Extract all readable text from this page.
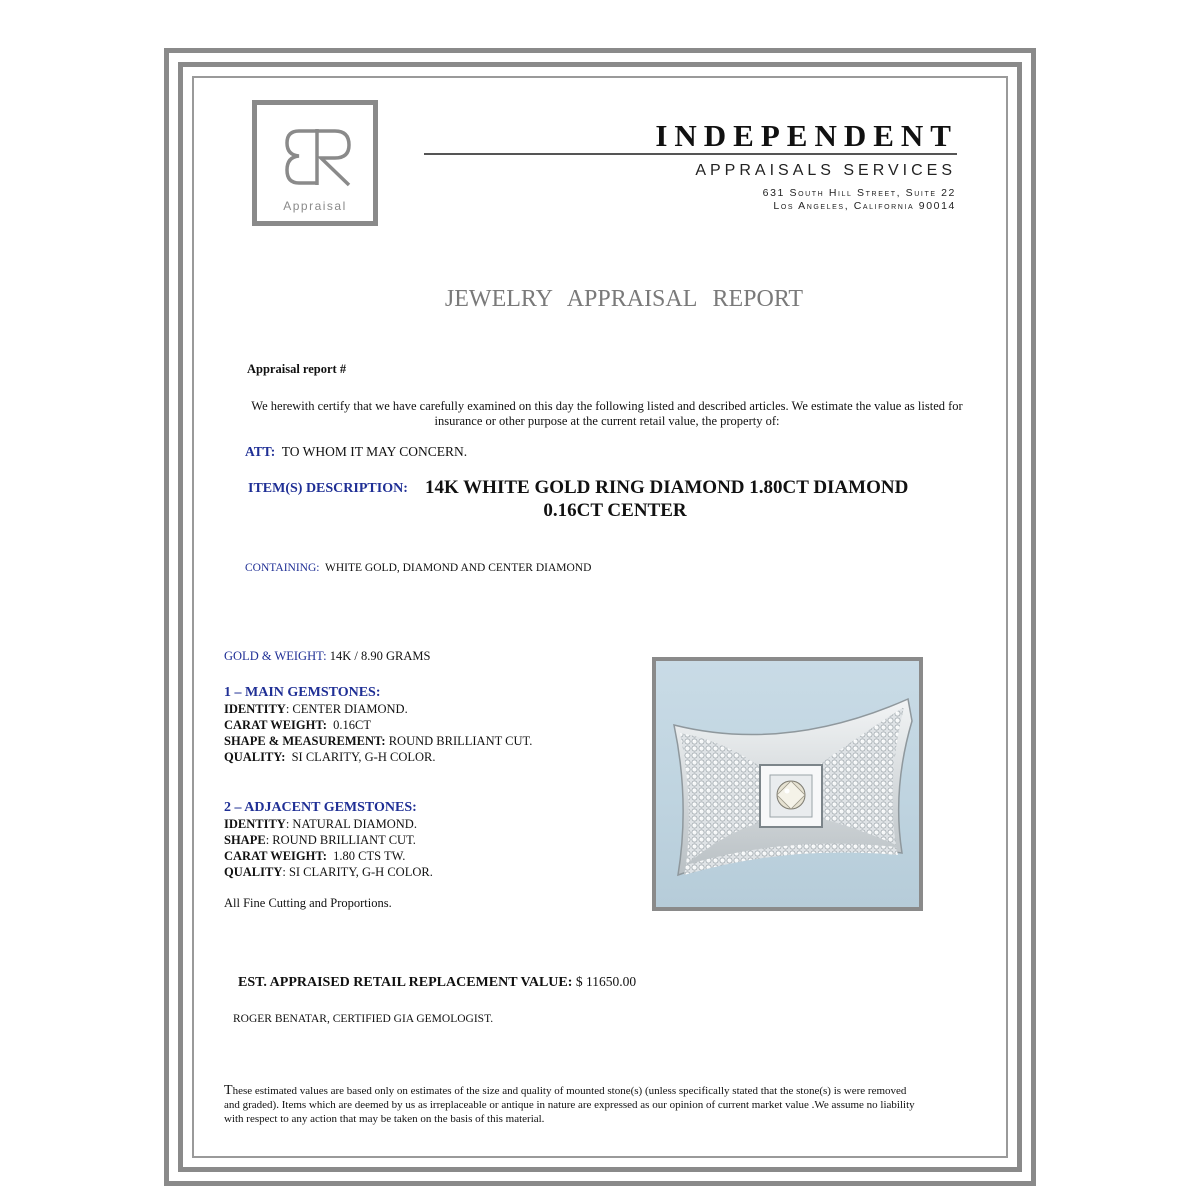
Appraisal
INDEPENDENT
APPRAISALS SERVICES
631 South Hill Street, Suite 22
Los Angeles, California 90014
JEWELRY APPRAISAL REPORT
Appraisal report #
We herewith certify that we have carefully examined on this day the following listed and described articles. We estimate the value as listed for insurance or other purpose at the current retail value, the property of:
ATT: TO WHOM IT MAY CONCERN.
ITEM(S) DESCRIPTION: 14K WHITE GOLD RING DIAMOND 1.80CT DIAMOND
0.16CT CENTER
CONTAINING: WHITE GOLD, DIAMOND AND CENTER DIAMOND
GOLD & WEIGHT: 14K / 8.90 GRAMS
1 – MAIN GEMSTONES:
IDENTITY: CENTER DIAMOND.
CARAT WEIGHT: 0.16CT
SHAPE & MEASUREMENT: ROUND BRILLIANT CUT.
QUALITY: SI CLARITY, G-H COLOR.
2 – ADJACENT GEMSTONES:
IDENTITY: NATURAL DIAMOND.
SHAPE: ROUND BRILLIANT CUT.
CARAT WEIGHT: 1.80 CTS TW.
QUALITY: SI CLARITY, G-H COLOR.
All Fine Cutting and Proportions.
EST. APPRAISED RETAIL REPLACEMENT VALUE: $ 11650.00
ROGER BENATAR, CERTIFIED GIA GEMOLOGIST.
These estimated values are based only on estimates of the size and quality of mounted stone(s) (unless specifically stated that the stone(s) is were removed and graded). Items which are deemed by us as irreplaceable or antique in nature are expressed as our opinion of current market value .We assume no liability with respect to any action that may be taken on the basis of this material.
